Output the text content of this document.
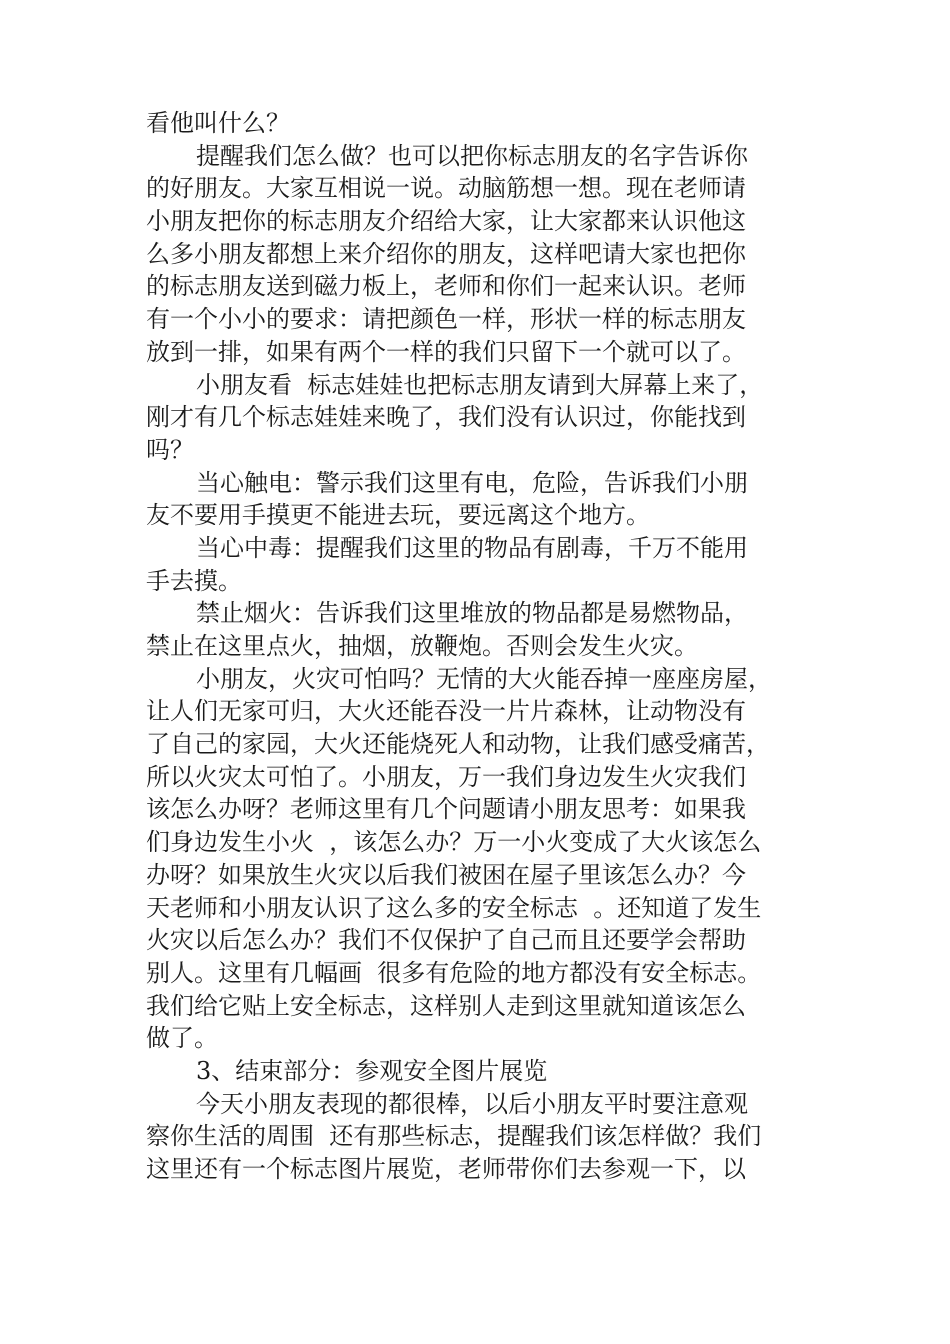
看他叫什么？
提醒我们怎么做？也可以把你标志朋友的名字告诉你
的好朋友。大家互相说一说。动脑筋想一想。现在老师请
小朋友把你的标志朋友介绍给大家，让大家都来认识他这
么多小朋友都想上来介绍你的朋友，这样吧请大家也把你
的标志朋友送到磁力板上，老师和你们一起来认识。老师
有一个小小的要求：请把颜色一样，形状一样的标志朋友
放到一排，如果有两个一样的我们只留下一个就可以了。
小朋友看  标志娃娃也把标志朋友请到大屏幕上来了，
刚才有几个标志娃娃来晚了，我们没有认识过，你能找到
吗？
当心触电：警示我们这里有电，危险，告诉我们小朋
友不要用手摸更不能进去玩，要远离这个地方。
当心中毒：提醒我们这里的物品有剧毒，千万不能用
手去摸。
禁止烟火：告诉我们这里堆放的物品都是易燃物品，
禁止在这里点火，抽烟，放鞭炮。否则会发生火灾。
小朋友，火灾可怕吗？无情的大火能吞掉一座座房屋，
让人们无家可归，大火还能吞没一片片森林，让动物没有
了自己的家园，大火还能烧死人和动物，让我们感受痛苦，
所以火灾太可怕了。小朋友，万一我们身边发生火灾我们
该怎么办呀？老师这里有几个问题请小朋友思考：如果我
们身边发生小火  ，该怎么办？万一小火变成了大火该怎么
办呀？如果放生火灾以后我们被困在屋子里该怎么办？今
天老师和小朋友认识了这么多的安全标志  。还知道了发生
火灾以后怎么办？我们不仅保护了自己而且还要学会帮助
别人。这里有几幅画  很多有危险的地方都没有安全标志。
我们给它贴上安全标志，这样别人走到这里就知道该怎么
做了。
3、结束部分：参观安全图片展览
今天小朋友表现的都很棒，以后小朋友平时要注意观
察你生活的周围  还有那些标志，提醒我们该怎样做？我们
这里还有一个标志图片展览，老师带你们去参观一下，以
